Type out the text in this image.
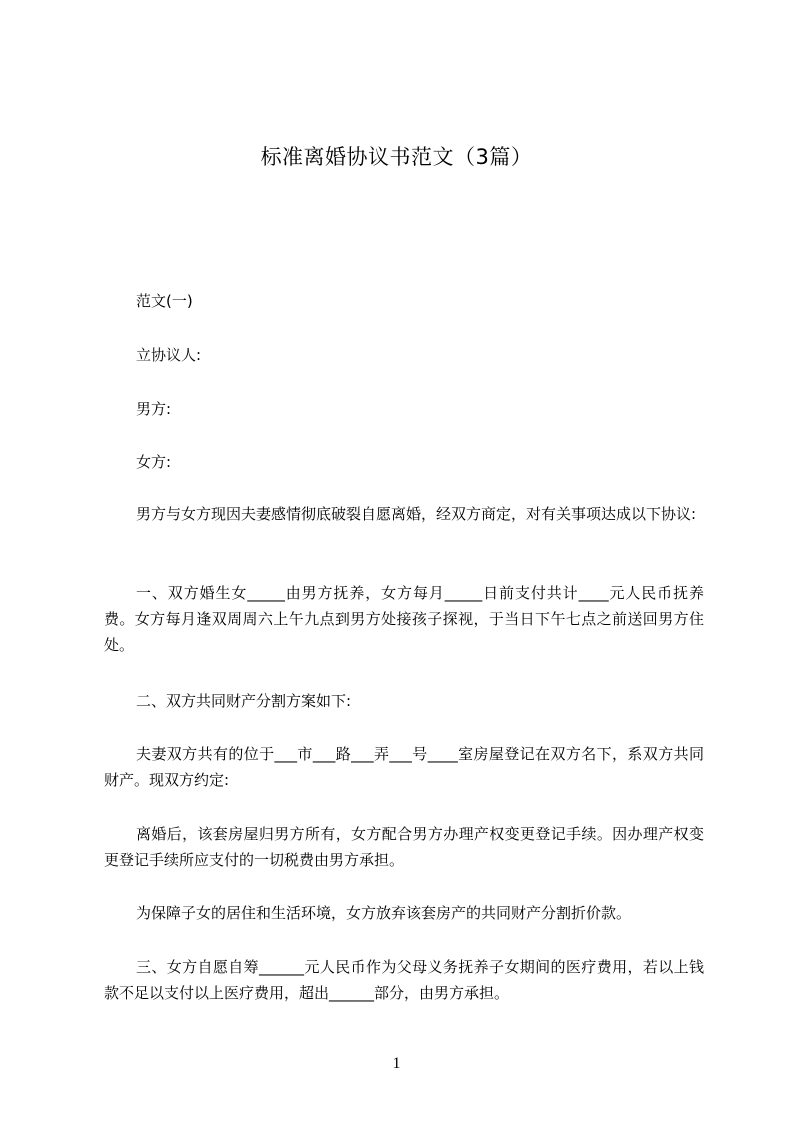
标准离婚协议书范文（3篇）

范文(一)

立协议人:

男方:

女方:

男方与女方现因夫妻感情彻底破裂自愿离婚，经双方商定，对有关事项达成以下协议:

一、双方婚生女_____由男方抚养，女方每月_____日前支付共计____元人民币抚养费。女方每月逢双周周六上午九点到男方处接孩子探视，于当日下午七点之前送回男方住处。

二、双方共同财产分割方案如下:

夫妻双方共有的位于___市___路___弄___号____室房屋登记在双方名下，系双方共同财产。现双方约定:

离婚后，该套房屋归男方所有，女方配合男方办理产权变更登记手续。因办理产权变更登记手续所应支付的一切税费由男方承担。

为保障子女的居住和生活环境，女方放弃该套房产的共同财产分割折价款。

三、女方自愿自筹______元人民币作为父母义务抚养子女期间的医疗费用，若以上钱款不足以支付以上医疗费用，超出______部分，由男方承担。

1
